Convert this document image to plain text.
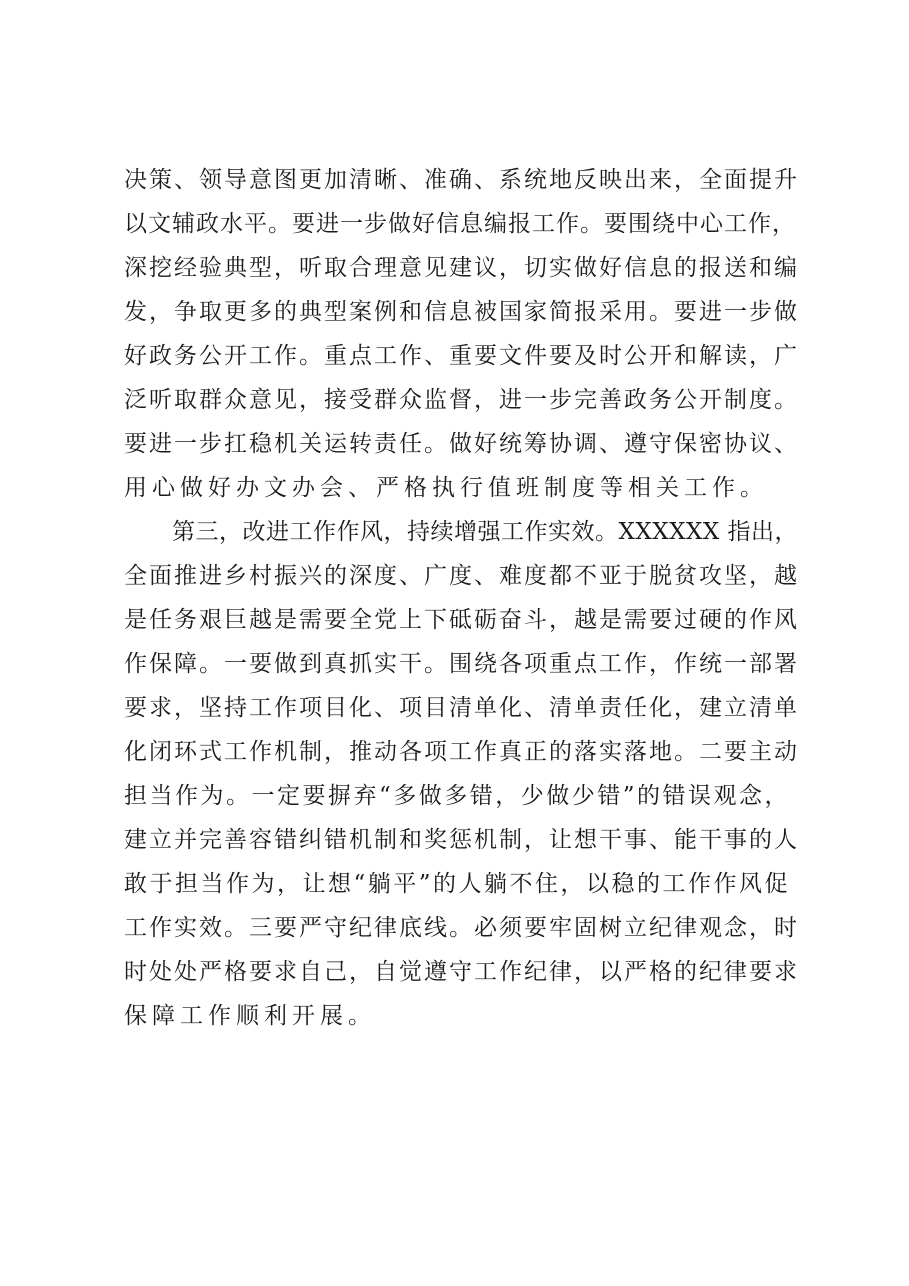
决策、领导意图更加清晰、准确、系统地反映出来，全面提升
以文辅政水平。要进一步做好信息编报工作。要围绕中心工作，
深挖经验典型，听取合理意见建议，切实做好信息的报送和编
发，争取更多的典型案例和信息被国家简报采用。要进一步做
好政务公开工作。重点工作、重要文件要及时公开和解读，广
泛听取群众意见，接受群众监督，进一步完善政务公开制度。
要进一步扛稳机关运转责任。做好统筹协调、遵守保密协议、
用心做好办文办会、严格执行值班制度等相关工作。
第三，改进工作作风，持续增强工作实效。XXXXXX 指出，
全面推进乡村振兴的深度、广度、难度都不亚于脱贫攻坚，越
是任务艰巨越是需要全党上下砥砺奋斗，越是需要过硬的作风
作保障。一要做到真抓实干。围绕各项重点工作，作统一部署
要求，坚持工作项目化、项目清单化、清单责任化，建立清单
化闭环式工作机制，推动各项工作真正的落实落地。二要主动
担当作为。一定要摒弃“多做多错，少做少错”的错误观念，
建立并完善容错纠错机制和奖惩机制，让想干事、能干事的人
敢于担当作为，让想“躺平”的人躺不住，以稳的工作作风促
工作实效。三要严守纪律底线。必须要牢固树立纪律观念，时
时处处严格要求自己，自觉遵守工作纪律，以严格的纪律要求
保障工作顺利开展。
